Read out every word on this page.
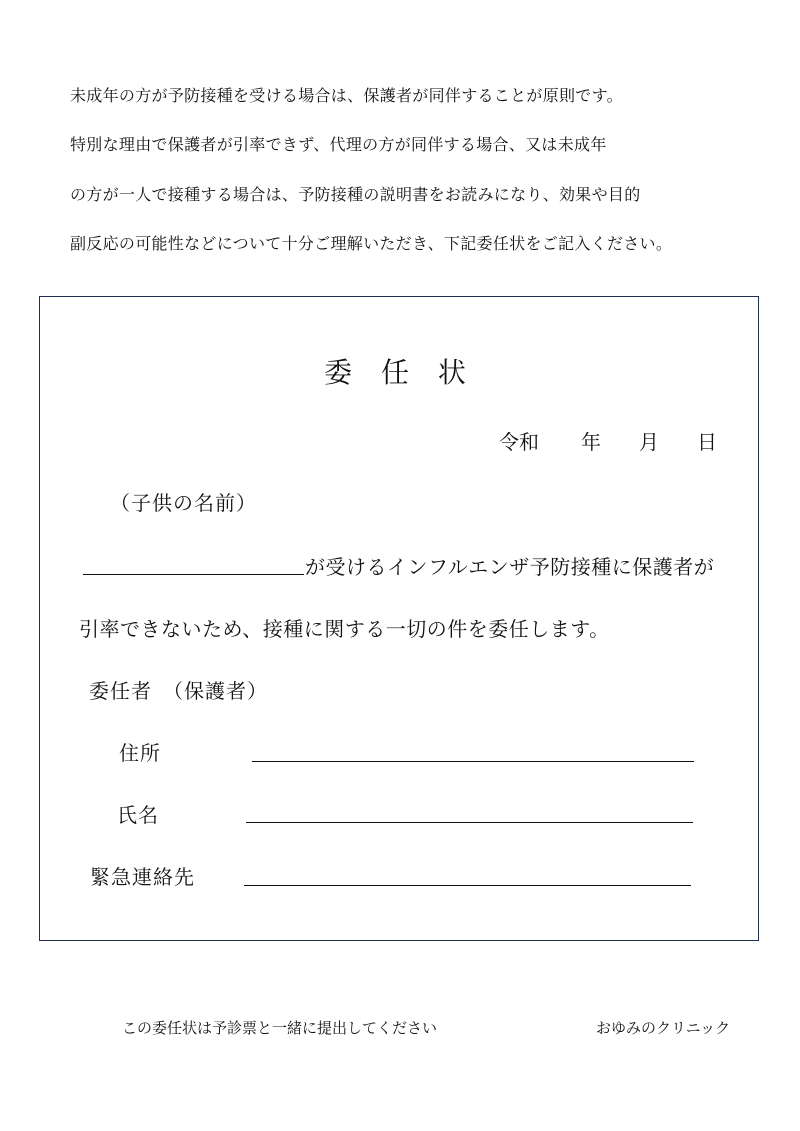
未成年の方が予防接種を受ける場合は、保護者が同伴することが原則です。
特別な理由で保護者が引率できず、代理の方が同伴する場合、又は未成年
の方が一人で接種する場合は、予防接種の説明書をお読みになり、効果や目的
副反応の可能性などについて十分ご理解いただき、下記委任状をご記入ください。
委 任 状
令和 年 月 日
（子供の名前）
が受けるインフルエンザ予防接種に保護者が
引率できないため、接種に関する一切の件を委任します。
委任者　（保護者）
住所
氏名
緊急連絡先
この委任状は予診票と一緒に提出してください	おゆみのクリニック
